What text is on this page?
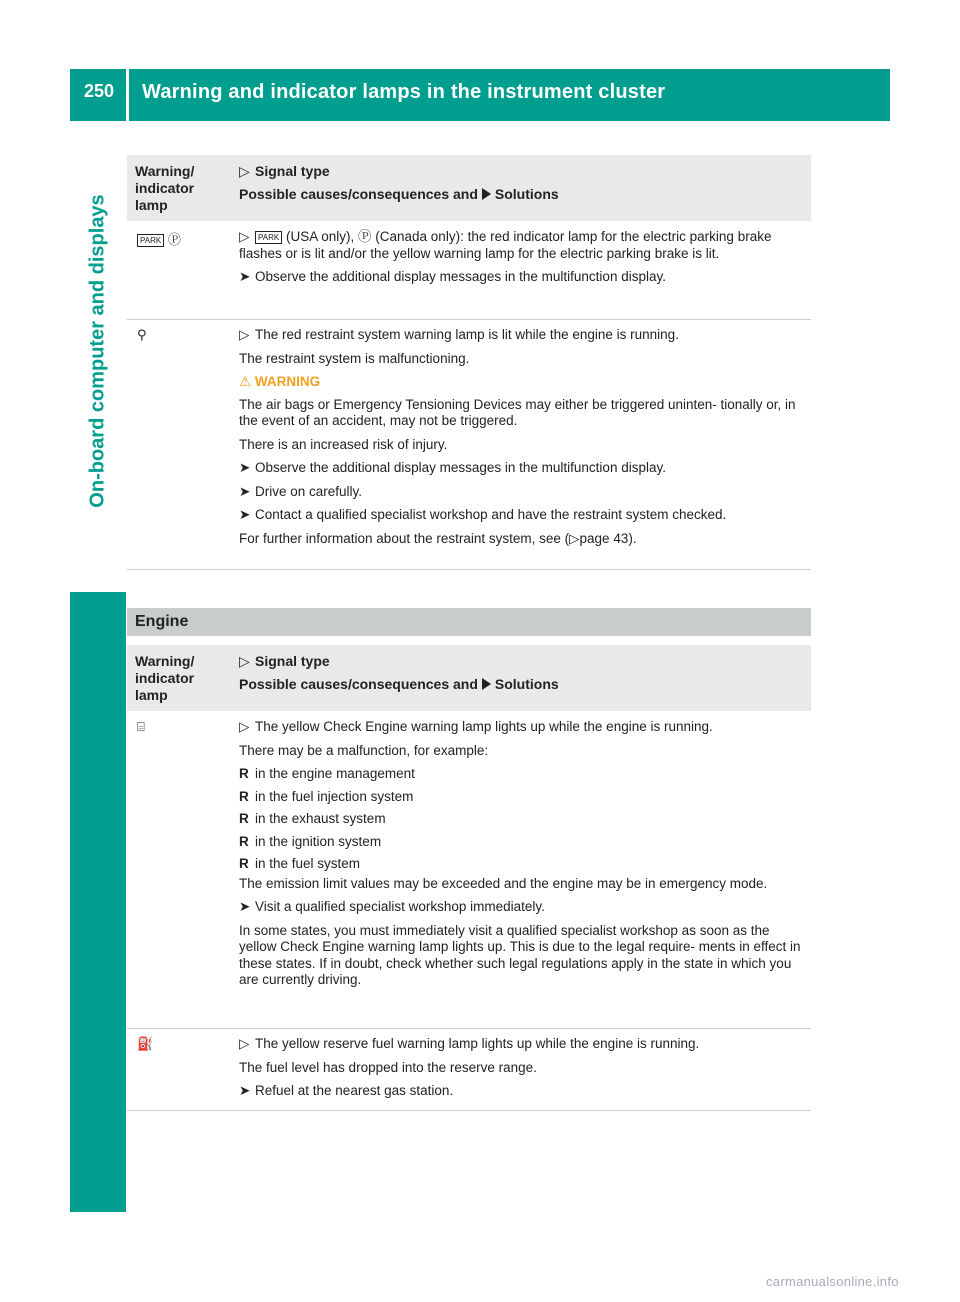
250 Warning and indicator lamps in the instrument cluster
On-board computer and displays
Warning/ indicator lamp
▷ Signal type
Possible causes/consequences and Solutions
PARK Ⓟ	▷ PARK (USA only), Ⓟ (Canada only): the red indicator lamp for the electric parking brake flashes or is lit and/or the yellow warning lamp for the electric parking brake is lit.

➤ Observe the additional display messages in the multifunction display.

⚲	▷ The red restraint system warning lamp is lit while the engine is running.

The restraint system is malfunctioning.

⚠ WARNING

The air bags or Emergency Tensioning Devices may either be triggered uninten- tionally or, in the event of an accident, may not be triggered.

There is an increased risk of injury.

➤ Observe the additional display messages in the multifunction display.

➤ Drive on carefully.

➤ Contact a qualified specialist workshop and have the restraint system checked.

For further information about the restraint system, see (▷page 43).

Engine
Warning/ indicator lamp
▷ Signal type
Possible causes/consequences and Solutions
⌸	▷ The yellow Check Engine warning lamp lights up while the engine is running.

There may be a malfunction, for example:

R in the engine management

R in the fuel injection system

R in the exhaust system

R in the ignition system

R in the fuel system

The emission limit values may be exceeded and the engine may be in emergency mode.

➤ Visit a qualified specialist workshop immediately.

In some states, you must immediately visit a qualified specialist workshop as soon as the yellow Check Engine warning lamp lights up. This is due to the legal require- ments in effect in these states. If in doubt, check whether such legal regulations apply in the state in which you are currently driving.

⛽	▷ The yellow reserve fuel warning lamp lights up while the engine is running.

The fuel level has dropped into the reserve range.

➤ Refuel at the nearest gas station.

carmanualsonline.info
